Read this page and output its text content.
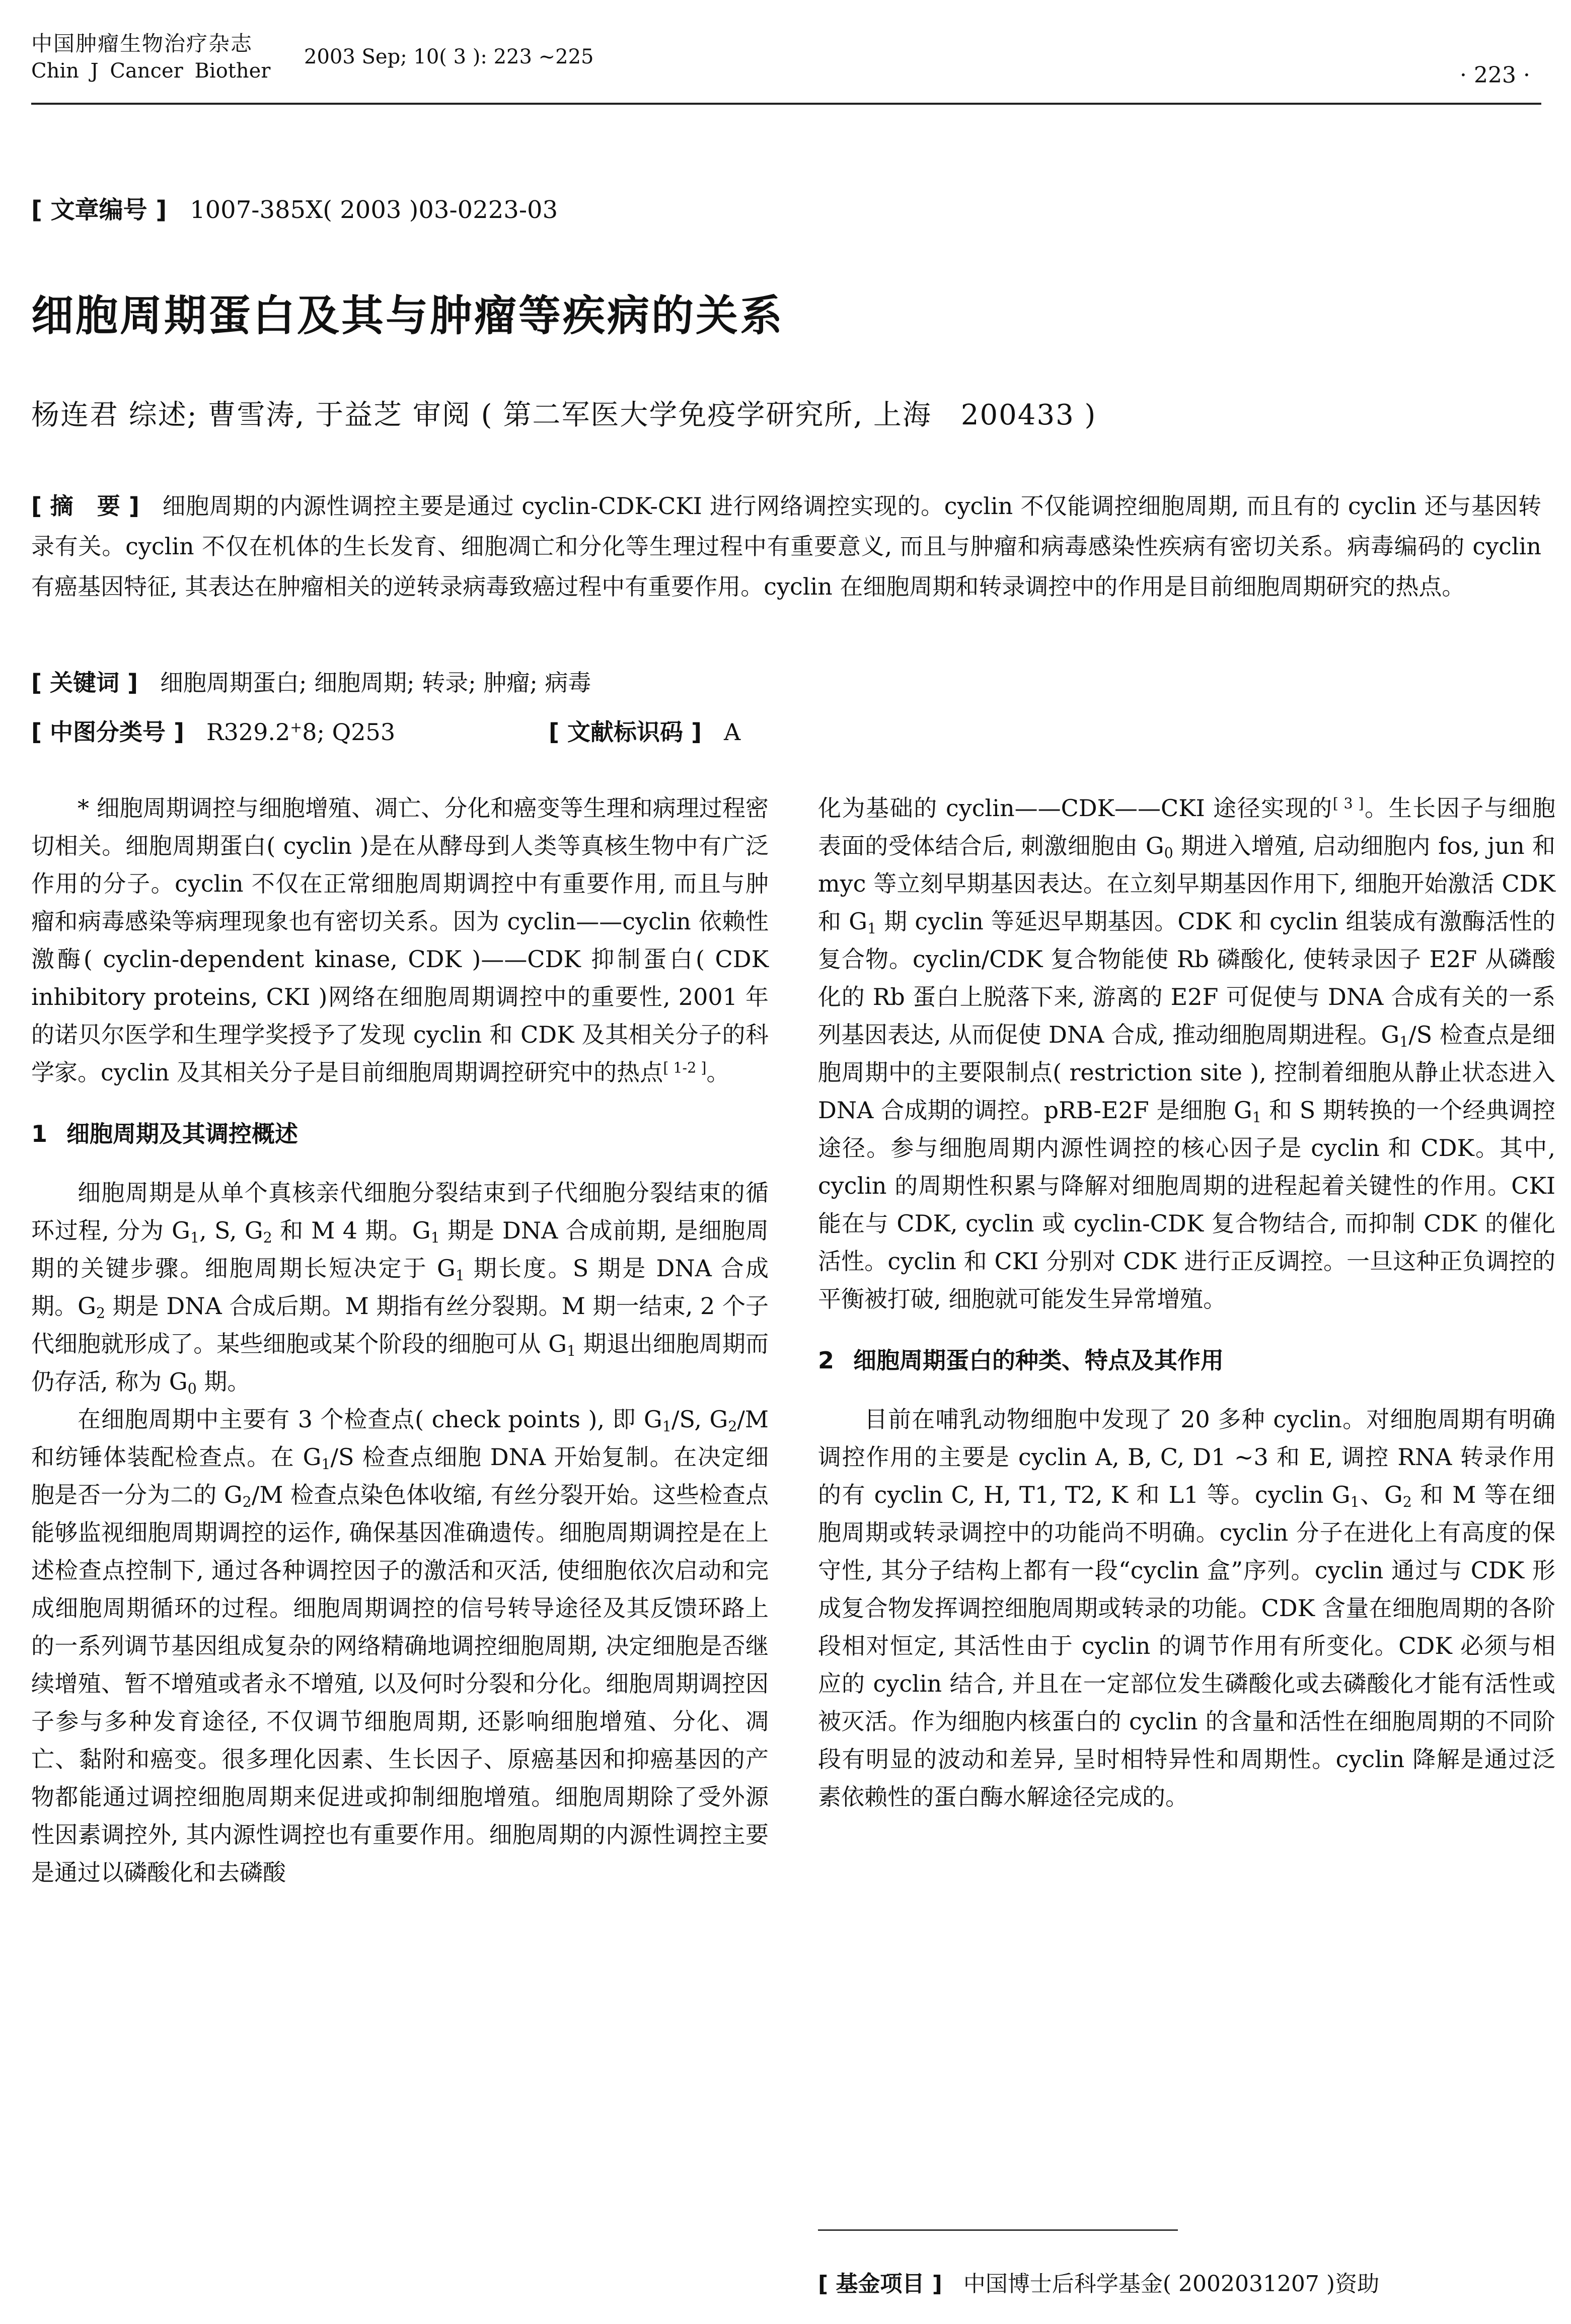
中国肿瘤生物治疗杂志
Chin J Cancer Biother
2003 Sep; 10( 3 ): 223 ~225
· 223 ·
[ 文章编号 ] 1007-385X( 2003 )03-0223-03
细胞周期蛋白及其与肿瘤等疾病的关系
杨连君 综述; 曹雪涛, 于益芝 审阅 ( 第二军医大学免疫学研究所, 上海　200433 )
[ 摘　要 ] 细胞周期的内源性调控主要是通过 cyclin-CDK-CKI 进行网络调控实现的。cyclin 不仅能调控细胞周期, 而且有的 cyclin 还与基因转录有关。cyclin 不仅在机体的生长发育、细胞凋亡和分化等生理过程中有重要意义, 而且与肿瘤和病毒感染性疾病有密切关系。病毒编码的 cyclin 有癌基因特征, 其表达在肿瘤相关的逆转录病毒致癌过程中有重要作用。cyclin 在细胞周期和转录调控中的作用是目前细胞周期研究的热点。
[ 关键词 ] 细胞周期蛋白; 细胞周期; 转录; 肿瘤; 病毒
[ 中图分类号 ] R329.2+8; Q253	[ 文献标识码 ] A

* 细胞周期调控与细胞增殖、凋亡、分化和癌变等生理和病理过程密切相关。细胞周期蛋白( cyclin )是在从酵母到人类等真核生物中有广泛作用的分子。cyclin 不仅在正常细胞周期调控中有重要作用, 而且与肿瘤和病毒感染等病理现象也有密切关系。因为 cyclin——cyclin 依赖性激酶( cyclin-dependent kinase, CDK )——CDK 抑制蛋白( CDK inhibitory proteins, CKI )网络在细胞周期调控中的重要性, 2001 年的诺贝尔医学和生理学奖授予了发现 cyclin 和 CDK 及其相关分子的科学家。cyclin 及其相关分子是目前细胞周期调控研究中的热点[ 1-2 ]。

1 细胞周期及其调控概述

细胞周期是从单个真核亲代细胞分裂结束到子代细胞分裂结束的循环过程, 分为 $G_1$, S, $G_2$ 和 M 4 期。$G_1$ 期是 DNA 合成前期, 是细胞周期的关键步骤。细胞周期长短决定于 $G_1$ 期长度。S 期是 DNA 合成期。$G_2$ 期是 DNA 合成后期。M 期指有丝分裂期。M 期一结束, 2 个子代细胞就形成了。某些细胞或某个阶段的细胞可从 $G_1$ 期退出细胞周期而仍存活, 称为 $G_0$ 期。

在细胞周期中主要有 3 个检查点( check points ), 即 $G_1/S$, $G_2/M$ 和纺锤体装配检查点。在 $G_1/S$ 检查点细胞 DNA 开始复制。在决定细胞是否一分为二的 $G_2/M$ 检查点染色体收缩, 有丝分裂开始。这些检查点能够监视细胞周期调控的运作, 确保基因准确遗传。细胞周期调控是在上述检查点控制下, 通过各种调控因子的激活和灭活, 使细胞依次启动和完成细胞周期循环的过程。细胞周期调控的信号转导途径及其反馈环路上的一系列调节基因组成复杂的网络精确地调控细胞周期, 决定细胞是否继续增殖、暂不增殖或者永不增殖, 以及何时分裂和分化。细胞周期调控因子参与多种发育途径, 不仅调节细胞周期, 还影响细胞增殖、分化、凋亡、黏附和癌变。很多理化因素、生长因子、原癌基因和抑癌基因的产物都能通过调控细胞周期来促进或抑制细胞增殖。细胞周期除了受外源性因素调控外, 其内源性调控也有重要作用。细胞周期的内源性调控主要是通过以磷酸化和去磷酸

化为基础的 cyclin——CDK——CKI 途径实现的[ 3 ]。生长因子与细胞表面的受体结合后, 刺激细胞由 $G_0$ 期进入增殖, 启动细胞内 fos, jun 和 myc 等立刻早期基因表达。在立刻早期基因作用下, 细胞开始激活 CDK 和 $G_1$ 期 cyclin 等延迟早期基因。CDK 和 cyclin 组装成有激酶活性的复合物。cyclin/CDK 复合物能使 Rb 磷酸化, 使转录因子 E2F 从磷酸化的 Rb 蛋白上脱落下来, 游离的 E2F 可促使与 DNA 合成有关的一系列基因表达, 从而促使 DNA 合成, 推动细胞周期进程。$G_1/S$ 检查点是细胞周期中的主要限制点( restriction site ), 控制着细胞从静止状态进入 DNA 合成期的调控。pRB-E2F 是细胞 $G_1$ 和 S 期转换的一个经典调控途径。参与细胞周期内源性调控的核心因子是 cyclin 和 CDK。其中, cyclin 的周期性积累与降解对细胞周期的进程起着关键性的作用。CKI 能在与 CDK, cyclin 或 cyclin-CDK 复合物结合, 而抑制 CDK 的催化活性。cyclin 和 CKI 分别对 CDK 进行正反调控。一旦这种正负调控的平衡被打破, 细胞就可能发生异常增殖。

2 细胞周期蛋白的种类、特点及其作用

目前在哺乳动物细胞中发现了 20 多种 cyclin。对细胞周期有明确调控作用的主要是 cyclin A, B, C, D1 ~3 和 E, 调控 RNA 转录作用的有 cyclin C, H, T1, T2, K 和 L1 等。cyclin $G_1$、$G_2$ 和 M 等在细胞周期或转录调控中的功能尚不明确。cyclin 分子在进化上有高度的保守性, 其分子结构上都有一段“cyclin 盒”序列。cyclin 通过与 CDK 形成复合物发挥调控细胞周期或转录的功能。CDK 含量在细胞周期的各阶段相对恒定, 其活性由于 cyclin 的调节作用有所变化。CDK 必须与相应的 cyclin 结合, 并且在一定部位发生磷酸化或去磷酸化才能有活性或被灭活。作为细胞内核蛋白的 cyclin 的含量和活性在细胞周期的不同阶段有明显的波动和差异, 呈时相特异性和周期性。cyclin 降解是通过泛素依赖性的蛋白酶水解途径完成的。

[ 基金项目 ] 中国博士后科学基金( 2002031207 )资助
